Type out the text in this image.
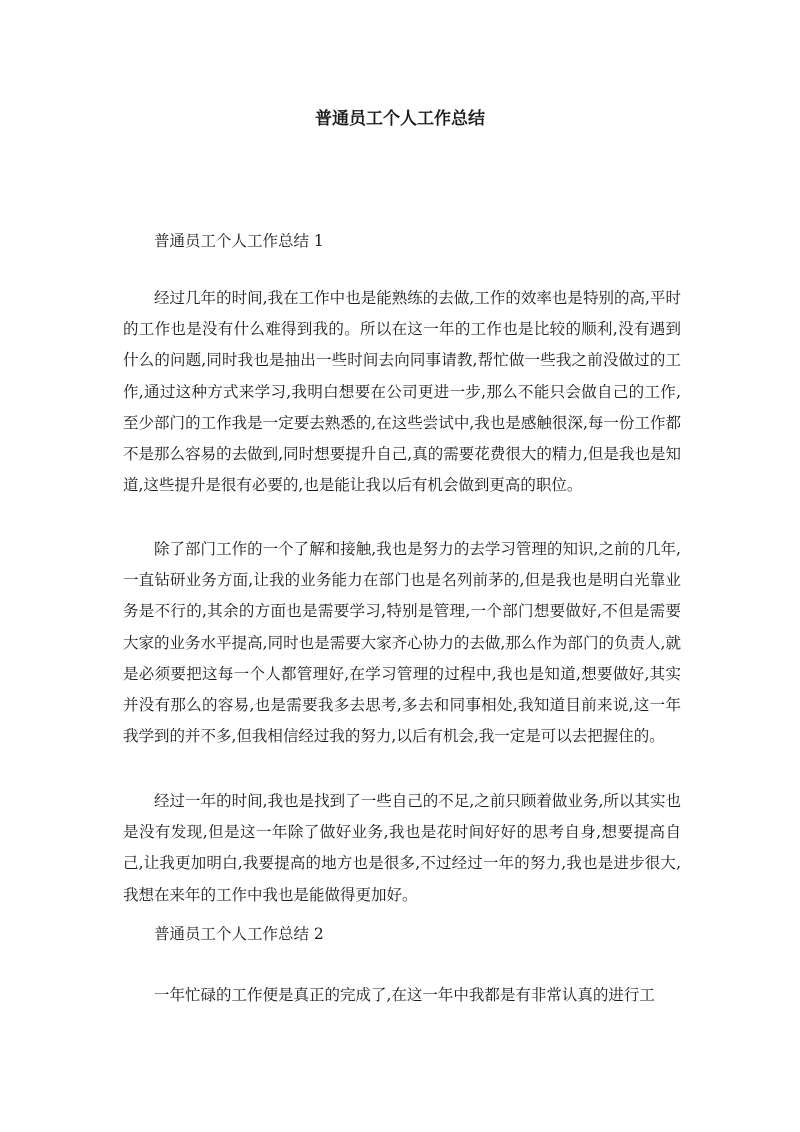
普通员工个人工作总结
普通员工个人工作总结 1

经过几年的时间,我在工作中也是能熟练的去做,工作的效率也是特别的高,平时的工作也是没有什么难得到我的。所以在这一年的工作也是比较的顺利,没有遇到什么的问题,同时我也是抽出一些时间去向同事请教,帮忙做一些我之前没做过的工作,通过这种方式来学习,我明白想要在公司更进一步,那么不能只会做自己的工作,至少部门的工作我是一定要去熟悉的,在这些尝试中,我也是感触很深,每一份工作都不是那么容易的去做到,同时想要提升自己,真的需要花费很大的精力,但是我也是知道,这些提升是很有必要的,也是能让我以后有机会做到更高的职位。

除了部门工作的一个了解和接触,我也是努力的去学习管理的知识,之前的几年,一直钻研业务方面,让我的业务能力在部门也是名列前茅的,但是我也是明白光靠业务是不行的,其余的方面也是需要学习,特别是管理,一个部门想要做好,不但是需要大家的业务水平提高,同时也是需要大家齐心协力的去做,那么作为部门的负责人,就是必须要把这每一个人都管理好,在学习管理的过程中,我也是知道,想要做好,其实并没有那么的容易,也是需要我多去思考,多去和同事相处,我知道目前来说,这一年我学到的并不多,但我相信经过我的努力,以后有机会,我一定是可以去把握住的。

经过一年的时间,我也是找到了一些自己的不足,之前只顾着做业务,所以其实也是没有发现,但是这一年除了做好业务,我也是花时间好好的思考自身,想要提高自己,让我更加明白,我要提高的地方也是很多,不过经过一年的努力,我也是进步很大,我想在来年的工作中我也是能做得更加好。

普通员工个人工作总结 2

一年忙碌的工作便是真正的完成了,在这一年中我都是有非常认真的进行工
